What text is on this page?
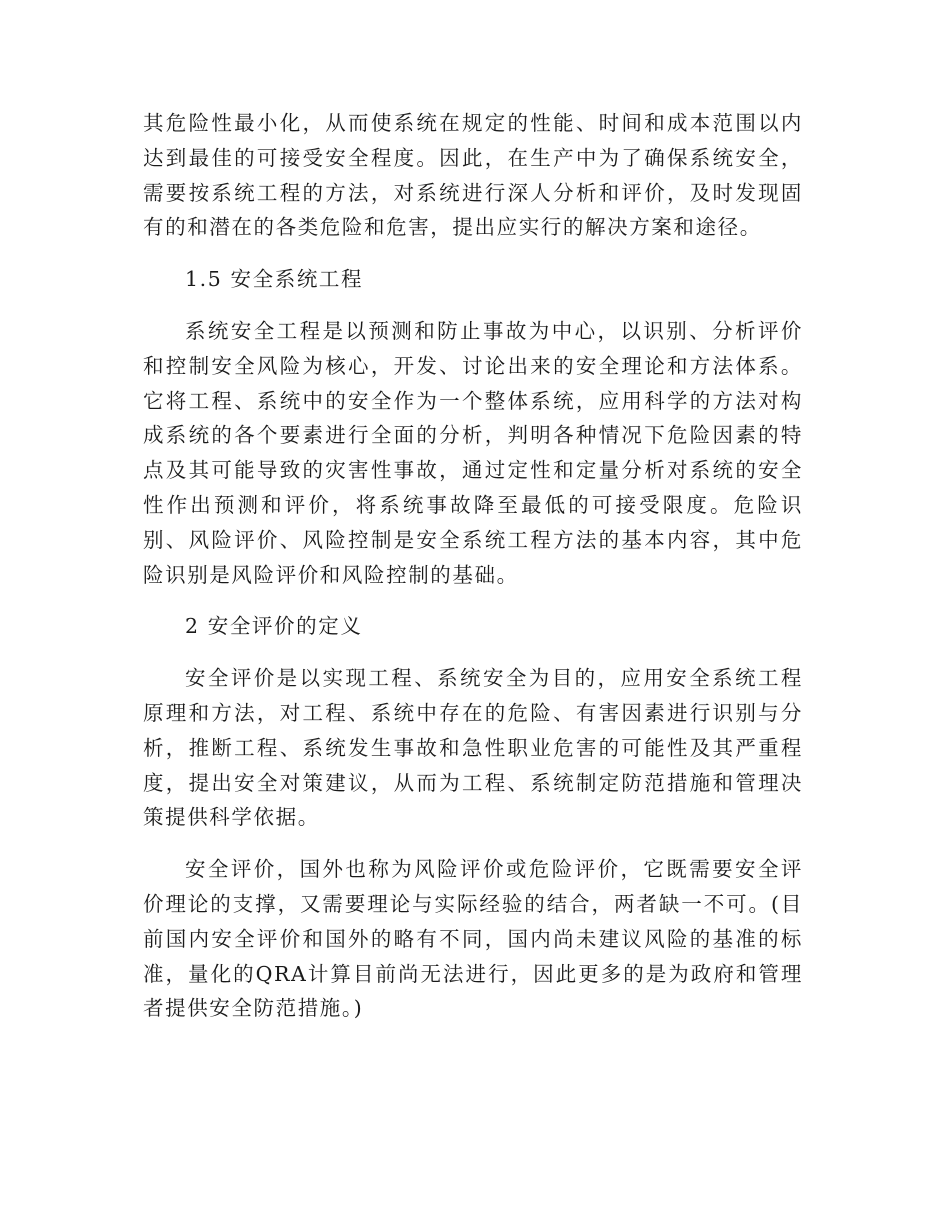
其危险性最小化，从而使系统在规定的性能、时间和成本范围以内达到最佳的可接受安全程度。因此，在生产中为了确保系统安全，需要按系统工程的方法，对系统进行深人分析和评价，及时发现固有的和潜在的各类危险和危害，提出应实行的解决方案和途径。

1.5 安全系统工程

系统安全工程是以预测和防止事故为中心，以识别、分析评价和控制安全风险为核心，开发、讨论出来的安全理论和方法体系。它将工程、系统中的安全作为一个整体系统，应用科学的方法对构成系统的各个要素进行全面的分析，判明各种情况下危险因素的特点及其可能导致的灾害性事故，通过定性和定量分析对系统的安全性作出预测和评价，将系统事故降至最低的可接受限度。危险识别、风险评价、风险控制是安全系统工程方法的基本内容，其中危险识别是风险评价和风险控制的基础。

2 安全评价的定义

安全评价是以实现工程、系统安全为目的，应用安全系统工程原理和方法，对工程、系统中存在的危险、有害因素进行识别与分析，推断工程、系统发生事故和急性职业危害的可能性及其严重程度，提出安全对策建议，从而为工程、系统制定防范措施和管理决策提供科学依据。

安全评价，国外也称为风险评价或危险评价，它既需要安全评价理论的支撑，又需要理论与实际经验的结合，两者缺一不可。(目前国内安全评价和国外的略有不同，国内尚未建议风险的基准的标准，量化的QRA计算目前尚无法进行，因此更多的是为政府和管理者提供安全防范措施。)
